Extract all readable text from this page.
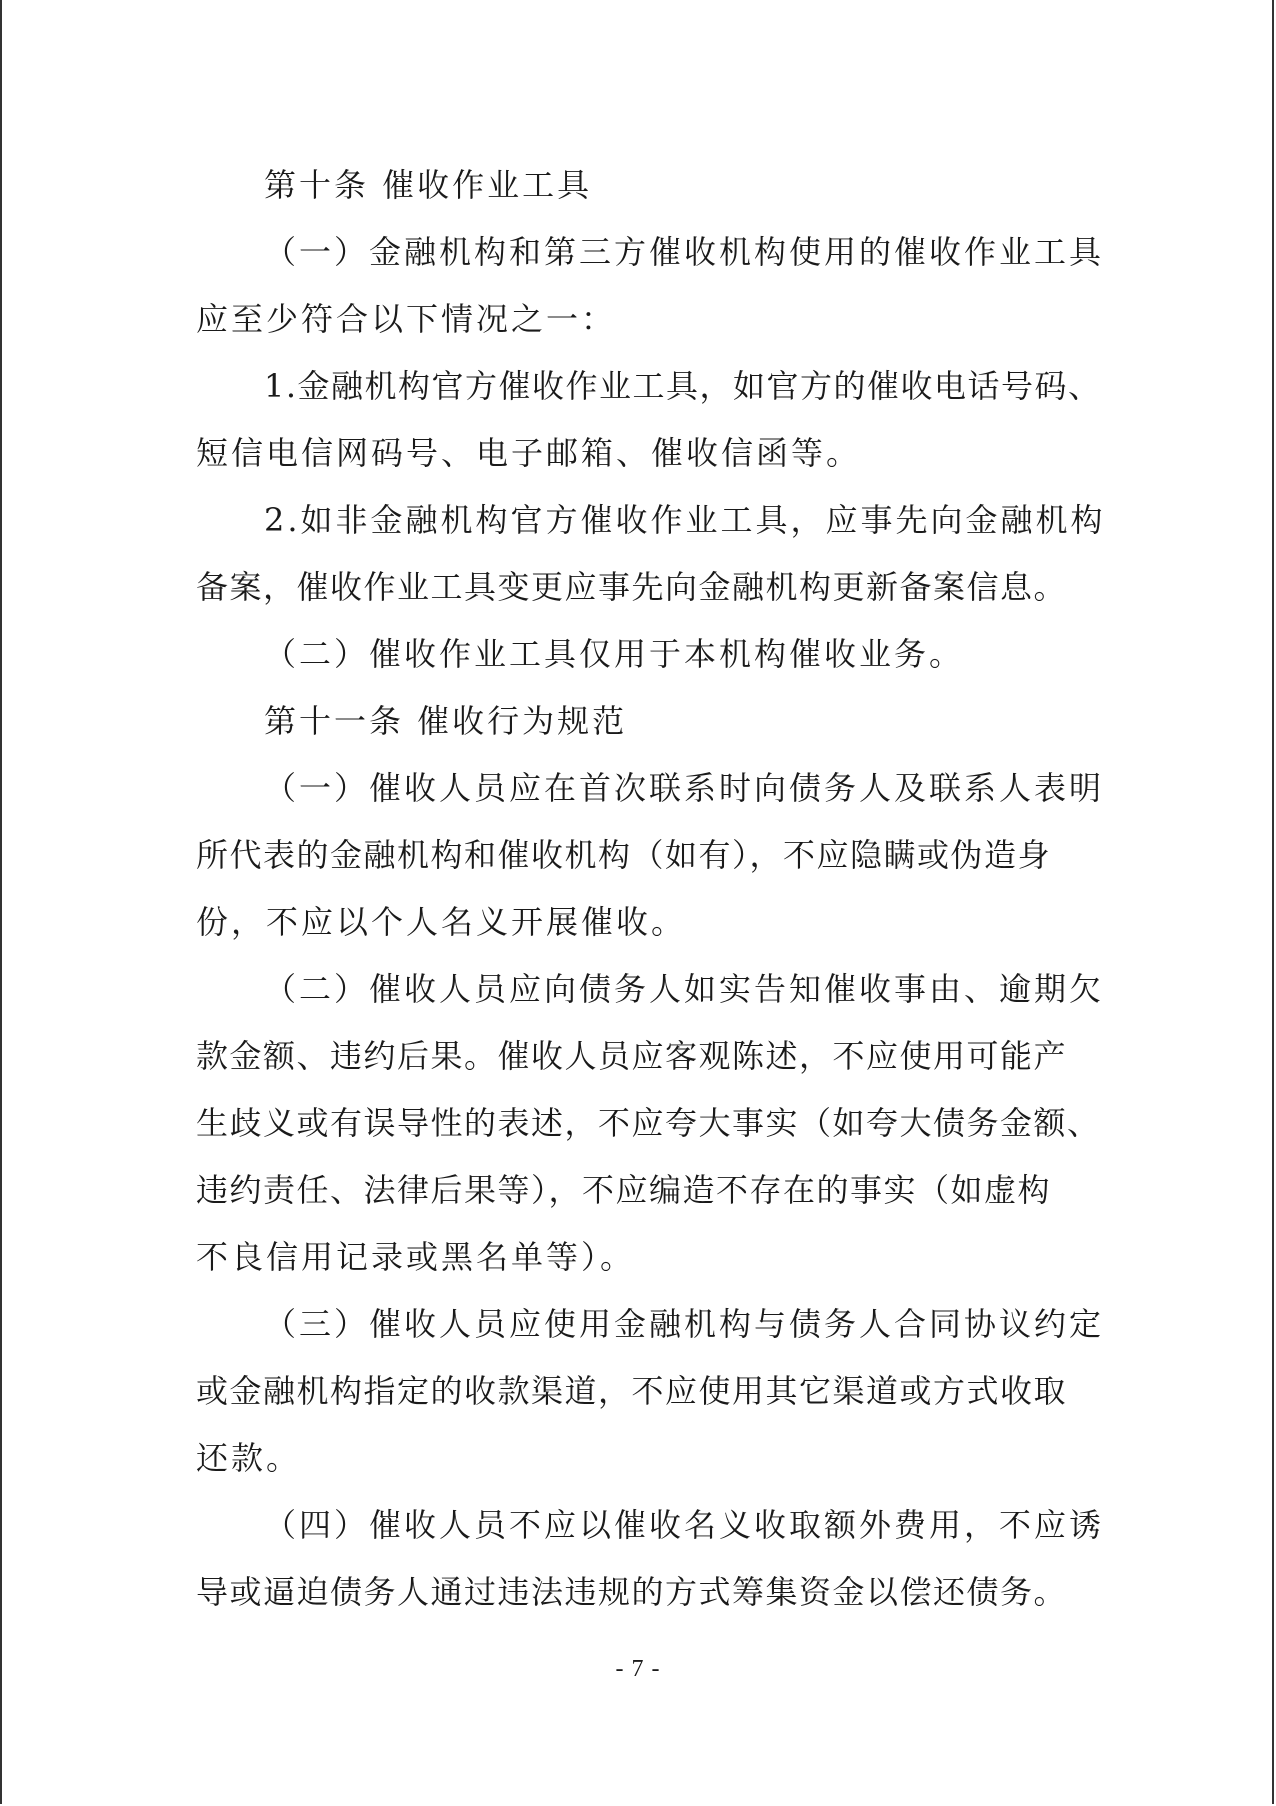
第十条 催收作业工具
（一）金融机构和第三方催收机构使用的催收作业工具
应至少符合以下情况之一：
1.金融机构官方催收作业工具，如官方的催收电话号码、
短信电信网码号、电子邮箱、催收信函等。
2.如非金融机构官方催收作业工具，应事先向金融机构
备案，催收作业工具变更应事先向金融机构更新备案信息。
（二）催收作业工具仅用于本机构催收业务。
第十一条 催收行为规范
（一）催收人员应在首次联系时向债务人及联系人表明
所代表的金融机构和催收机构（如有），不应隐瞒或伪造身
份，不应以个人名义开展催收。
（二）催收人员应向债务人如实告知催收事由、逾期欠
款金额、违约后果。催收人员应客观陈述，不应使用可能产
生歧义或有误导性的表述，不应夸大事实（如夸大债务金额、
违约责任、法律后果等），不应编造不存在的事实（如虚构
不良信用记录或黑名单等）。
（三）催收人员应使用金融机构与债务人合同协议约定
或金融机构指定的收款渠道，不应使用其它渠道或方式收取
还款。
（四）催收人员不应以催收名义收取额外费用，不应诱
导或逼迫债务人通过违法违规的方式筹集资金以偿还债务。
- 7 -
